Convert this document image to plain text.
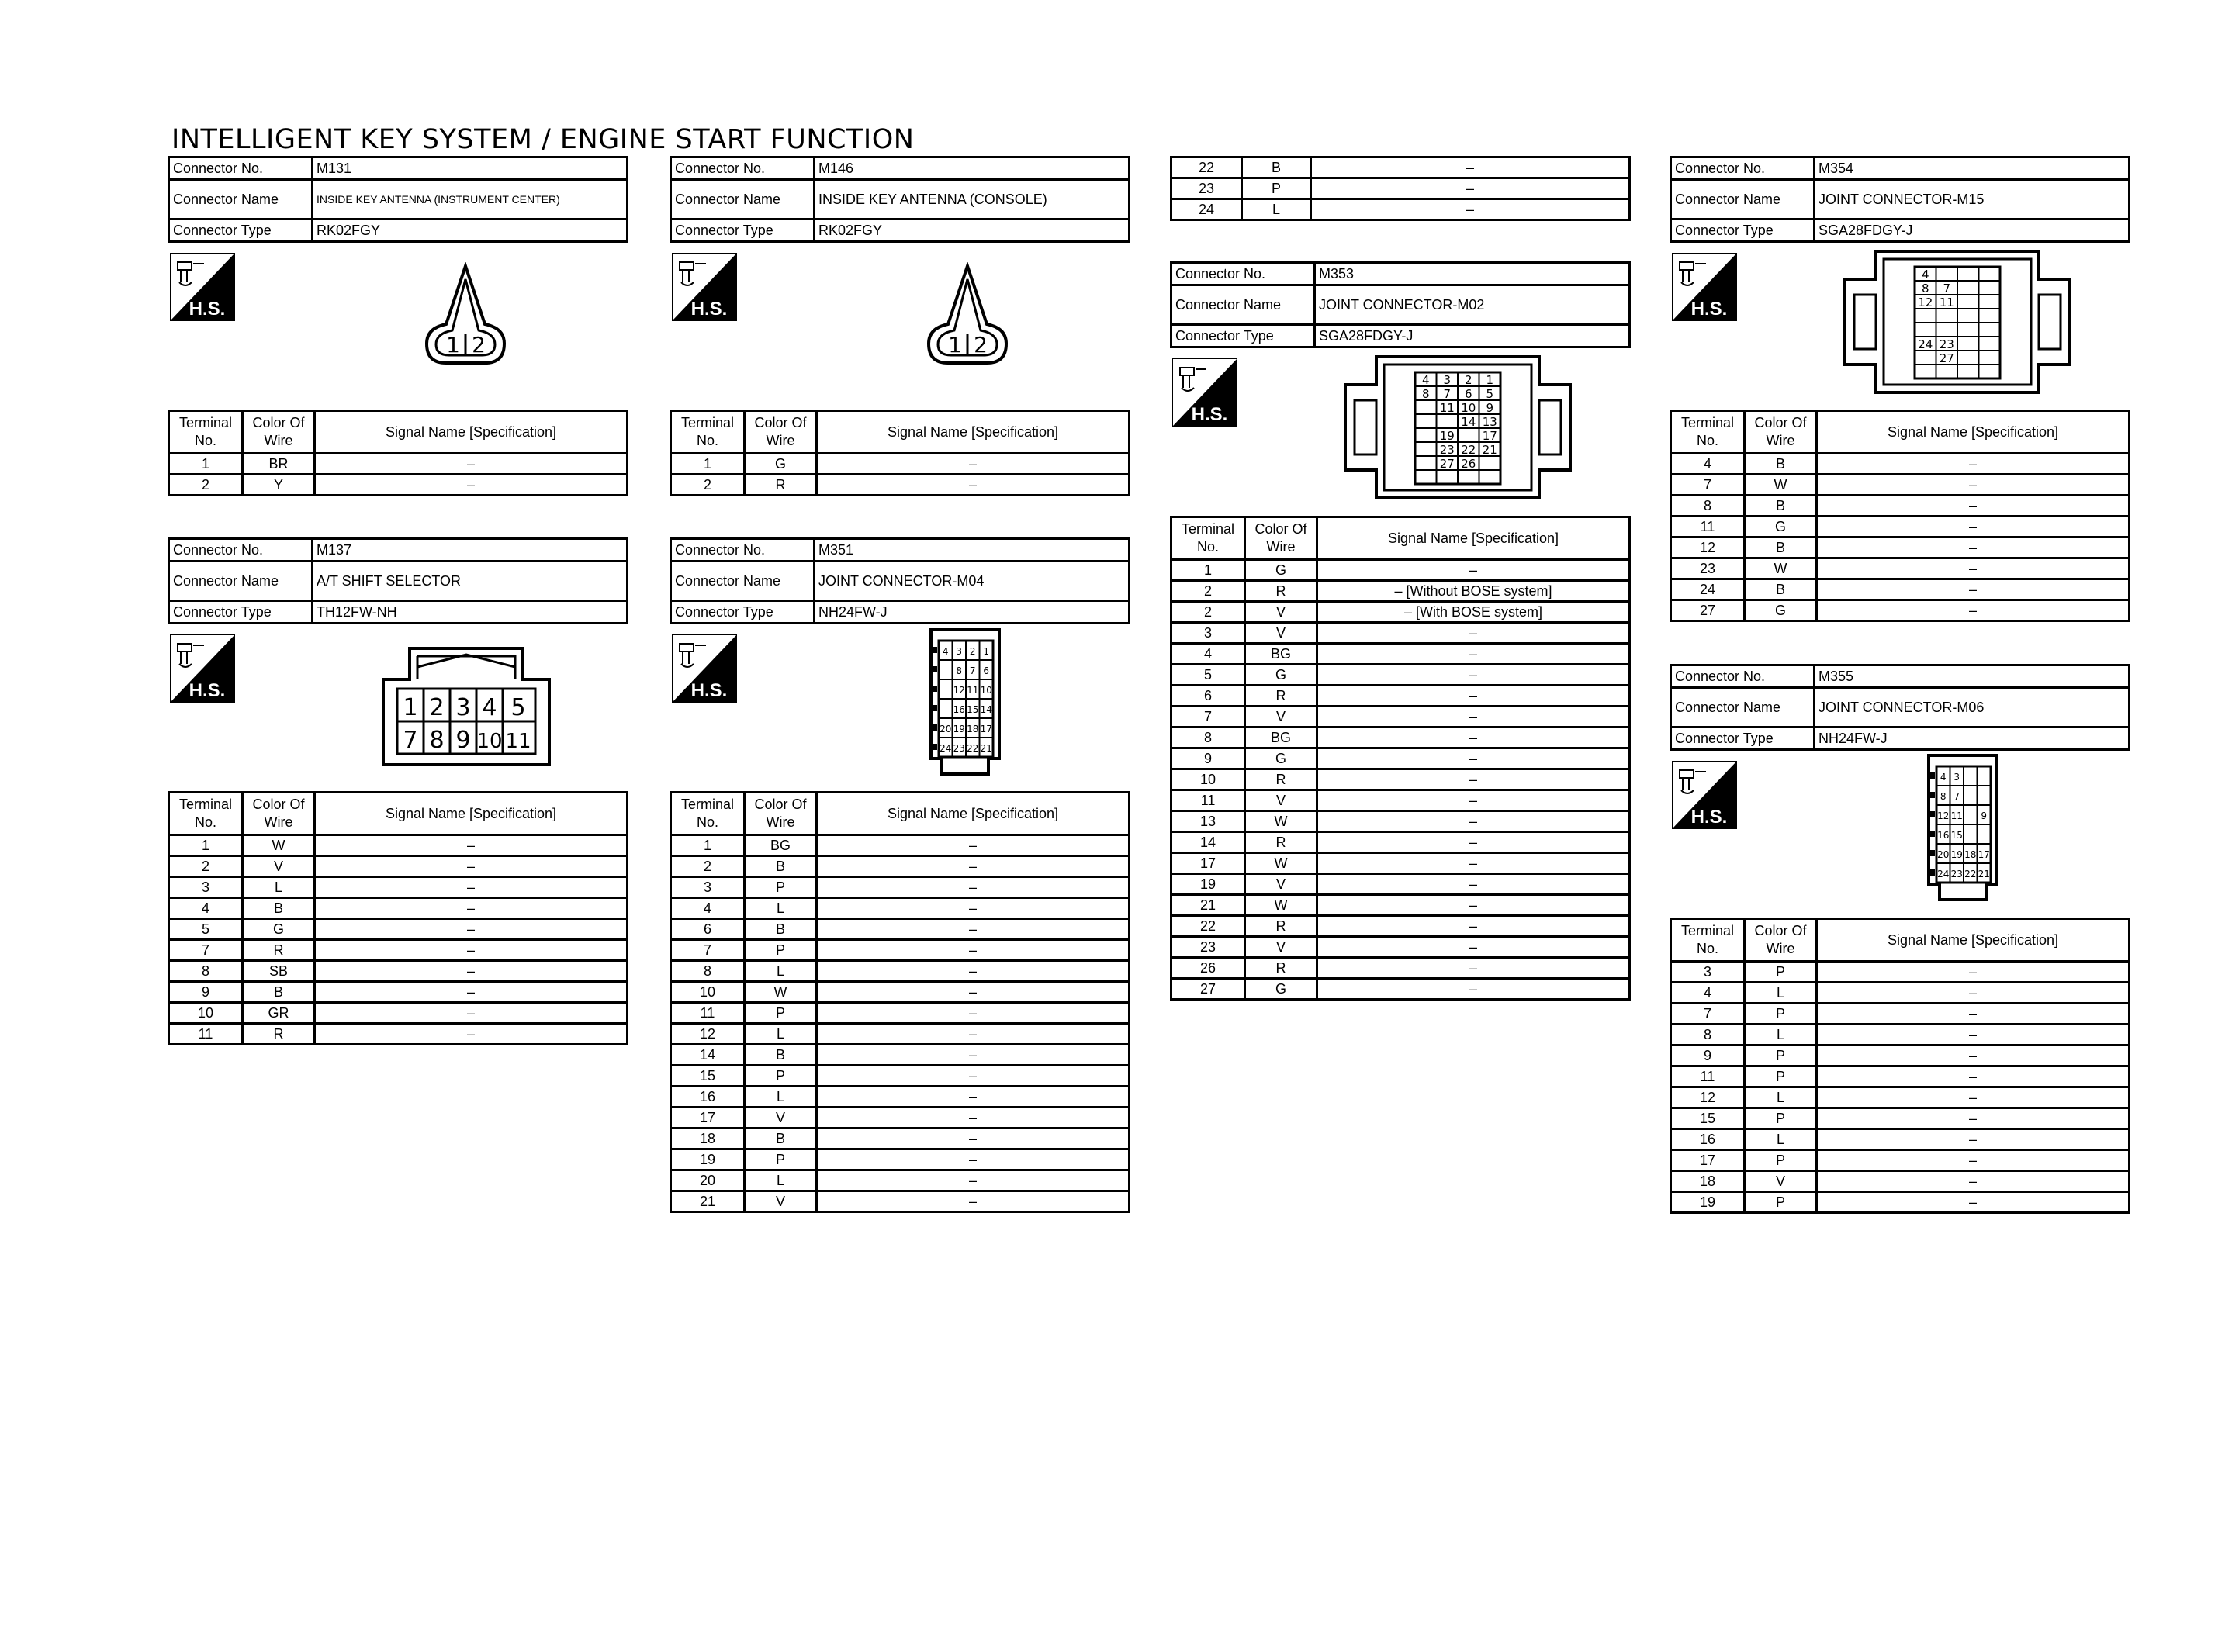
INTELLIGENT KEY SYSTEM / ENGINE START FUNCTION
Connector No.	M131
Connector Name	INSIDE KEY ANTENNA (INSTRUMENT CENTER)
Connector Type	RK02FGY
H.S.
1 2
Terminal No.	Color Of Wire	Signal Name [Specification]
1	BR	–
2	Y	–
Connector No.	M146
Connector Name	INSIDE KEY ANTENNA (CONSOLE)
Connector Type	RK02FGY
H.S.
1 2
Terminal No.	Color Of Wire	Signal Name [Specification]
1	G	–
2	R	–
Connector No.	M137
Connector Name	A/T SHIFT SELECTOR
Connector Type	TH12FW-NH
H.S.
1 2 3 4 5
7 8 9 10 11
Terminal No.	Color Of Wire	Signal Name [Specification]
1	W	–
2	V	–
3	L	–
4	B	–
5	G	–
7	R	–
8	SB	–
9	B	–
10	GR	–
11	R	–
Connector No.	M351
Connector Name	JOINT CONNECTOR-M04
Connector Type	NH24FW-J
H.S.
4 3 2 1
8 7 6
12 11 10
16 15 14
20 19 18 17
24 23 22 21
Terminal No.	Color Of Wire	Signal Name [Specification]
1	BG	–
2	B	–
3	P	–
4	L	–
6	B	–
7	P	–
8	L	–
10	W	–
11	P	–
12	L	–
14	B	–
15	P	–
16	L	–
17	V	–
18	B	–
19	P	–
20	L	–
21	V	–
22	B	–
23	P	–
24	L	–
Connector No.	M353
Connector Name	JOINT CONNECTOR-M02
Connector Type	SGA28FDGY-J
H.S.
4 3 2 1
8 7 6 5
11 10 9
14 13
19 17
23 22 21
27 26
Terminal No.	Color Of Wire	Signal Name [Specification]
1	G	–
2	R	– [Without BOSE system]
2	V	– [With BOSE system]
3	V	–
4	BG	–
5	G	–
6	R	–
7	V	–
8	BG	–
9	G	–
10	R	–
11	V	–
13	W	–
14	R	–
17	W	–
19	V	–
21	W	–
22	R	–
23	V	–
26	R	–
27	G	–
Connector No.	M354
Connector Name	JOINT CONNECTOR-M15
Connector Type	SGA28FDGY-J
H.S.
4
8 7
12 11
24 23
27
Terminal No.	Color Of Wire	Signal Name [Specification]
4	B	–
7	W	–
8	B	–
11	G	–
12	B	–
23	W	–
24	B	–
27	G	–
Connector No.	M355
Connector Name	JOINT CONNECTOR-M06
Connector Type	NH24FW-J
H.S.
4 3
8 7
12 11 9
16 15
20 19 18 17
24 23 22 21
Terminal No.	Color Of Wire	Signal Name [Specification]
3	P	–
4	L	–
7	P	–
8	L	–
9	P	–
11	P	–
12	L	–
15	P	–
16	L	–
17	P	–
18	V	–
19	P	–
